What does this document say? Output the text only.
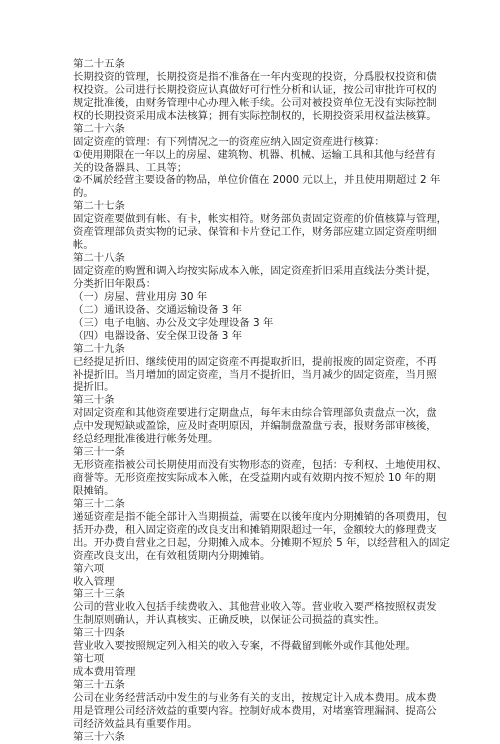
第二十五条
长期投资的管理，长期投资是指不准备在一年内变现的投资，分爲股权投资和债
权投资。公司进行长期投资应认真做好可行性分析和认证，按公司审批许可权的
规定批准後，由财务管理中心办理入帐手续。公司对被投资单位无没有实际控制
权的长期投资采用成本法核算；拥有实际控制权的，长期投资采用权益法核算。
第二十六条
固定资産的管理：有下列情况之一的资産应纳入固定资産进行核算：
①使用期限在一年以上的房屋、建筑物、机器、机械、运输工具和其他与经营有
关的设备器具、工具等；
②不属於经营主要设备的物品，单位价值在 2000 元以上，并且使用期超过 2 年
的。
第二十七条
固定资産要做到有帐、有卡，帐实相符。财务部负责固定资産的价值核算与管理，
资産管理部负责实物的记录、保管和卡片登记工作，财务部应建立固定资産明细
帐。
第二十八条
固定资産的购置和调入均按实际成本入帐，固定资産折旧采用直线法分类计提，
分类折旧年限爲：
（一）房屋、营业用房 30 年
（二）通讯设备、交通运输设备 3 年
（三）电子电脑、办公及文字处理设备 3 年
（四）电器设备、安全保卫设备 3 年
第二十九条
已经提足折旧、继续使用的固定资産不再提取折旧，提前报废的固定资産，不再
补提折旧。当月增加的固定资産，当月不提折旧，当月减少的固定资産，当月照
提折旧。
第三十条
对固定资産和其他资産要进行定期盘点，每年末由综合管理部负责盘点一次，盘
点中发现短缺或盈馀，应及时查明原因，并编制盘盈盘亏表，报财务部审核後，
经总经理批准後进行帐务处理。
第三十一条
无形资産指被公司长期使用而没有实物形态的资産，包括：专利权、土地使用权、
商誉等。无形资産按实际成本入帐，在受益期内或有效期内按不短於 10 年的期
限摊销。
第三十二条
递延资産是指不能全部计入当期损益，需要在以後年度内分期摊销的各项费用，包
括开办费，租入固定资産的改良支出和摊销期限超过一年，金额较大的修理费支
出。开办费自营业之日起，分期摊入成本。分摊期不短於 5 年，以经营租入的固定
资産改良支出，在有效租赁期内分期摊销。
第六项
收入管理
第三十三条
公司的营业收入包括手续费收入、其他营业收入等。营业收入要严格按照权责发
生制原则确认，并认真核实、正确反映，以保证公司损益的真实性。
第三十四条
营业收入要按照规定列入相关的收入专案，不得截留到帐外或作其他处理。
第七项
成本费用管理
第三十五条
公司在业务经营活动中发生的与业务有关的支出，按规定计入成本费用。成本费
用是管理公司经济效益的重要内容。控制好成本费用，对堵塞管理漏洞、提高公
司经济效益具有重要作用。
第三十六条
